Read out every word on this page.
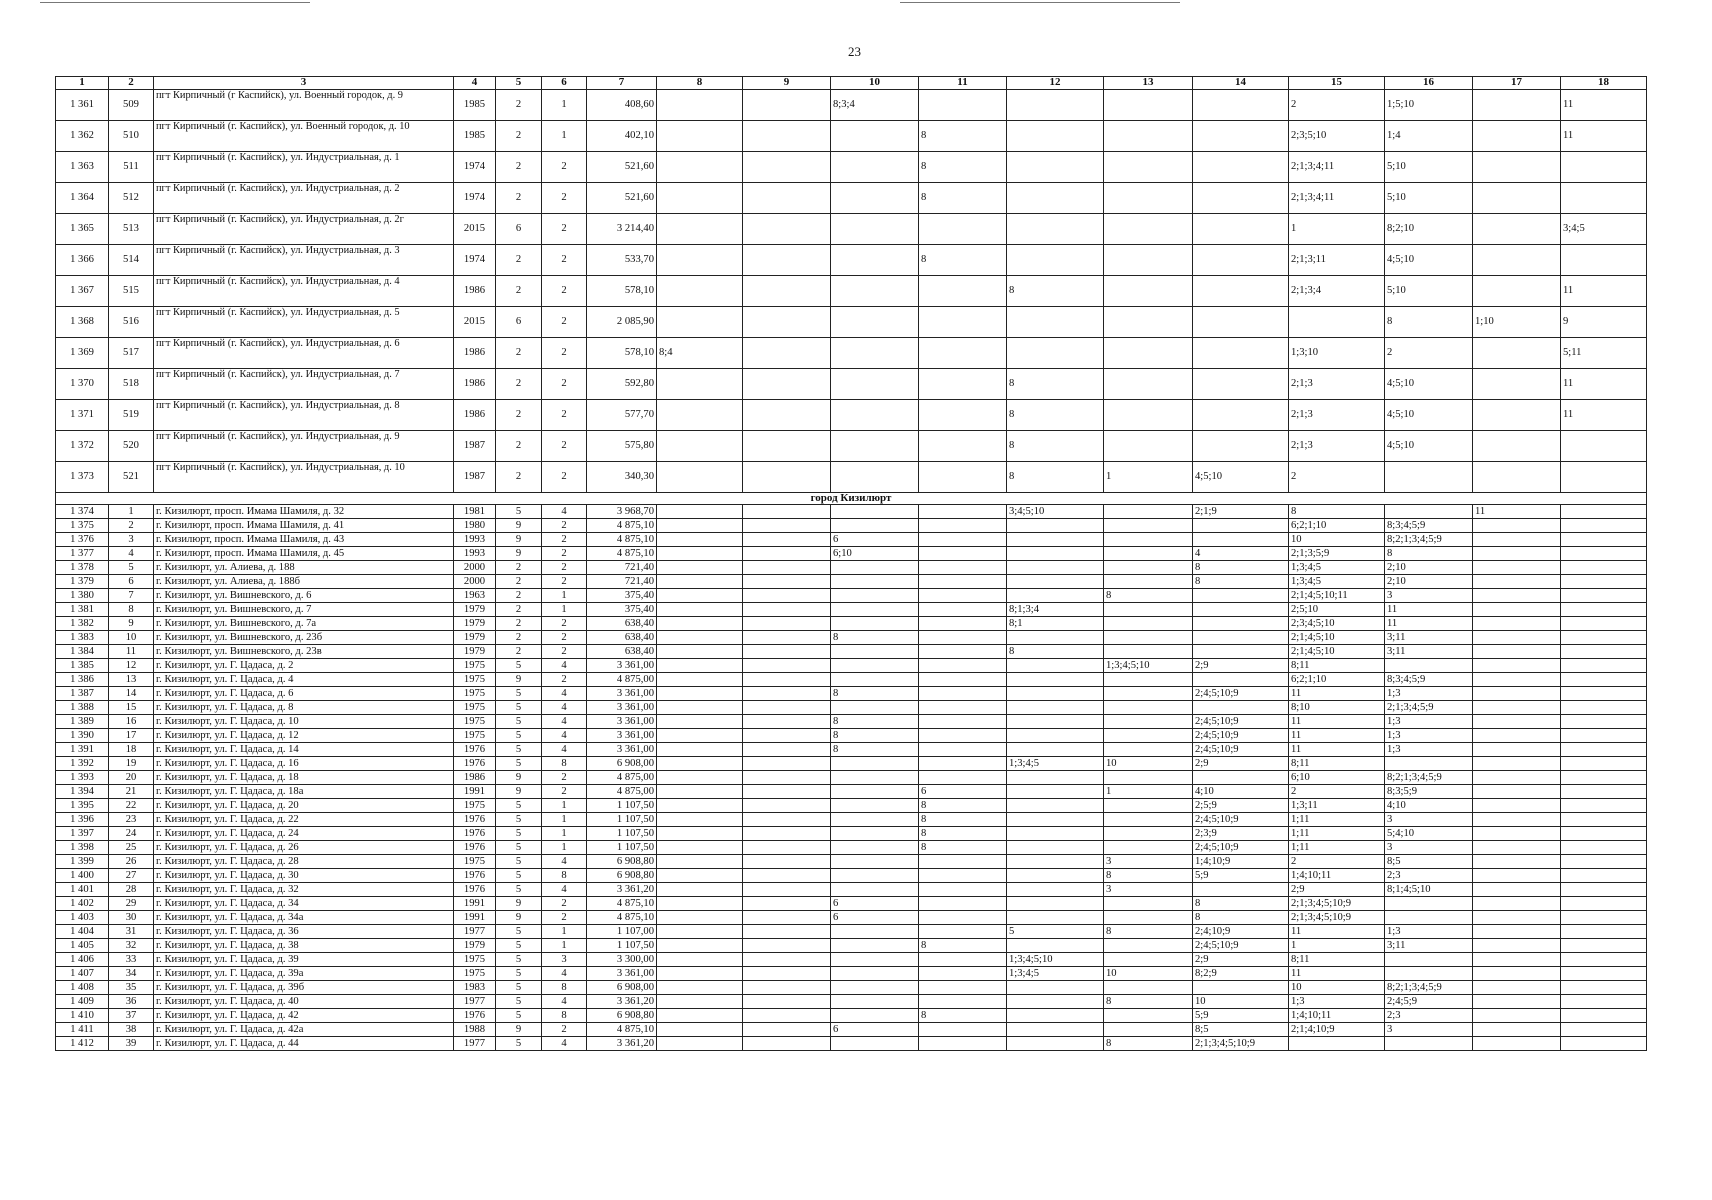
23
1	2	3	4	5	6	7	8	9	10	11	12	13	14	15	16	17	18
1 361	509	пгт Кирпичный (г Каспийск), ул. Военный городок, д. 9	1985	2	1	408,60			8;3;4					2	1;5;10		11
1 362	510	пгт Кирпичный (г. Каспийск), ул. Военный городок, д. 10	1985	2	1	402,10				8				2;3;5;10	1;4		11
1 363	511	пгт Кирпичный (г. Каспийск), ул. Индустриальная, д. 1	1974	2	2	521,60				8				2;1;3;4;11	5;10		
1 364	512	пгт Кирпичный (г. Каспийск), ул. Индустриальная, д. 2	1974	2	2	521,60				8				2;1;3;4;11	5;10		
1 365	513	пгт Кирпичный (г. Каспийск), ул. Индустриальная, д. 2г	2015	6	2	3 214,40								1	8;2;10		3;4;5
1 366	514	пгт Кирпичный (г. Каспийск), ул. Индустриальная, д. 3	1974	2	2	533,70				8				2;1;3;11	4;5;10		
1 367	515	пгт Кирпичный (г. Каспийск), ул. Индустриальная, д. 4	1986	2	2	578,10					8			2;1;3;4	5;10		11
1 368	516	пгт Кирпичный (г. Каспийск), ул. Индустриальная, д. 5	2015	6	2	2 085,90									8	1;10	9
1 369	517	пгт Кирпичный (г. Каспийск), ул. Индустриальная, д. 6	1986	2	2	578,10	8;4							1;3;10	2		5;11
1 370	518	пгт Кирпичный (г. Каспийск), ул. Индустриальная, д. 7	1986	2	2	592,80					8			2;1;3	4;5;10		11
1 371	519	пгт Кирпичный (г. Каспийск), ул. Индустриальная, д. 8	1986	2	2	577,70					8			2;1;3	4;5;10		11
1 372	520	пгт Кирпичный (г. Каспийск), ул. Индустриальная, д. 9	1987	2	2	575,80					8			2;1;3	4;5;10		
1 373	521	пгт Кирпичный (г. Каспийск), ул. Индустриальная, д. 10	1987	2	2	340,30					8	1	4;5;10	2			
город Кизилюрт																	
1 374	1	г. Кизилюрт, просп. Имама Шамиля, д. 32	1981	5	4	3 968,70					3;4;5;10		2;1;9	8		11	
1 375	2	г. Кизилюрт, просп. Имама Шамиля, д. 41	1980	9	2	4 875,10								6;2;1;10	8;3;4;5;9		
1 376	3	г. Кизилюрт, просп. Имама Шамиля, д. 43	1993	9	2	4 875,10			6					10	8;2;1;3;4;5;9		
1 377	4	г. Кизилюрт, просп. Имама Шамиля, д. 45	1993	9	2	4 875,10			6;10				4	2;1;3;5;9	8		
1 378	5	г. Кизилюрт, ул. Алиева, д. 188	2000	2	2	721,40							8	1;3;4;5	2;10		
1 379	6	г. Кизилюрт, ул. Алиева, д. 188б	2000	2	2	721,40							8	1;3;4;5	2;10		
1 380	7	г. Кизилюрт, ул. Вишневского, д. 6	1963	2	1	375,40						8		2;1;4;5;10;11	3		
1 381	8	г. Кизилюрт, ул. Вишневского, д. 7	1979	2	1	375,40					8;1;3;4			2;5;10	11		
1 382	9	г. Кизилюрт, ул. Вишневского, д. 7а	1979	2	2	638,40					8;1			2;3;4;5;10	11		
1 383	10	г. Кизилюрт, ул. Вишневского, д. 23б	1979	2	2	638,40			8					2;1;4;5;10	3;11		
1 384	11	г. Кизилюрт, ул. Вишневского, д. 23в	1979	2	2	638,40					8			2;1;4;5;10	3;11		
1 385	12	г. Кизилюрт, ул. Г. Цадаса, д. 2	1975	5	4	3 361,00						1;3;4;5;10	2;9	8;11			
1 386	13	г. Кизилюрт, ул. Г. Цадаса, д. 4	1975	9	2	4 875,00								6;2;1;10	8;3;4;5;9		
1 387	14	г. Кизилюрт, ул. Г. Цадаса, д. 6	1975	5	4	3 361,00			8				2;4;5;10;9	11	1;3		
1 388	15	г. Кизилюрт, ул. Г. Цадаса, д. 8	1975	5	4	3 361,00								8;10	2;1;3;4;5;9		
1 389	16	г. Кизилюрт, ул. Г. Цадаса, д. 10	1975	5	4	3 361,00			8				2;4;5;10;9	11	1;3		
1 390	17	г. Кизилюрт, ул. Г. Цадаса, д. 12	1975	5	4	3 361,00			8				2;4;5;10;9	11	1;3		
1 391	18	г. Кизилюрт, ул. Г. Цадаса, д. 14	1976	5	4	3 361,00			8				2;4;5;10;9	11	1;3		
1 392	19	г. Кизилюрт, ул. Г. Цадаса, д. 16	1976	5	8	6 908,00					1;3;4;5	10	2;9	8;11			
1 393	20	г. Кизилюрт, ул. Г. Цадаса, д. 18	1986	9	2	4 875,00								6;10	8;2;1;3;4;5;9		
1 394	21	г. Кизилюрт, ул. Г. Цадаса, д. 18а	1991	9	2	4 875,00				6		1	4;10	2	8;3;5;9		
1 395	22	г. Кизилюрт, ул. Г. Цадаса, д. 20	1975	5	1	1 107,50				8			2;5;9	1;3;11	4;10		
1 396	23	г. Кизилюрт, ул. Г. Цадаса, д. 22	1976	5	1	1 107,50				8			2;4;5;10;9	1;11	3		
1 397	24	г. Кизилюрт, ул. Г. Цадаса, д. 24	1976	5	1	1 107,50				8			2;3;9	1;11	5;4;10		
1 398	25	г. Кизилюрт, ул. Г. Цадаса, д. 26	1976	5	1	1 107,50				8			2;4;5;10;9	1;11	3		
1 399	26	г. Кизилюрт, ул. Г. Цадаса, д. 28	1975	5	4	6 908,80						3	1;4;10;9	2	8;5		
1 400	27	г. Кизилюрт, ул. Г. Цадаса, д. 30	1976	5	8	6 908,80						8	5;9	1;4;10;11	2;3		
1 401	28	г. Кизилюрт, ул. Г. Цадаса, д. 32	1976	5	4	3 361,20						3		2;9	8;1;4;5;10		
1 402	29	г. Кизилюрт, ул. Г. Цадаса, д. 34	1991	9	2	4 875,10			6				8	2;1;3;4;5;10;9			
1 403	30	г. Кизилюрт, ул. Г. Цадаса, д. 34а	1991	9	2	4 875,10			6				8	2;1;3;4;5;10;9			
1 404	31	г. Кизилюрт, ул. Г. Цадаса, д. 36	1977	5	1	1 107,00					5	8	2;4;10;9	11	1;3		
1 405	32	г. Кизилюрт, ул. Г. Цадаса, д. 38	1979	5	1	1 107,50				8			2;4;5;10;9	1	3;11		
1 406	33	г. Кизилюрт, ул. Г. Цадаса, д. 39	1975	5	3	3 300,00					1;3;4;5;10		2;9	8;11			
1 407	34	г. Кизилюрт, ул. Г. Цадаса, д. 39а	1975	5	4	3 361,00					1;3;4;5	10	8;2;9	11			
1 408	35	г. Кизилюрт, ул. Г. Цадаса, д. 39б	1983	5	8	6 908,00								10	8;2;1;3;4;5;9		
1 409	36	г. Кизилюрт, ул. Г. Цадаса, д. 40	1977	5	4	3 361,20						8	10	1;3	2;4;5;9		
1 410	37	г. Кизилюрт, ул. Г. Цадаса, д. 42	1976	5	8	6 908,80				8			5;9	1;4;10;11	2;3		
1 411	38	г. Кизилюрт, ул. Г. Цадаса, д. 42а	1988	9	2	4 875,10			6				8;5	2;1;4;10;9	3		
1 412	39	г. Кизилюрт, ул. Г. Цадаса, д. 44	1977	5	4	3 361,20						8	2;1;3;4;5;10;9				
